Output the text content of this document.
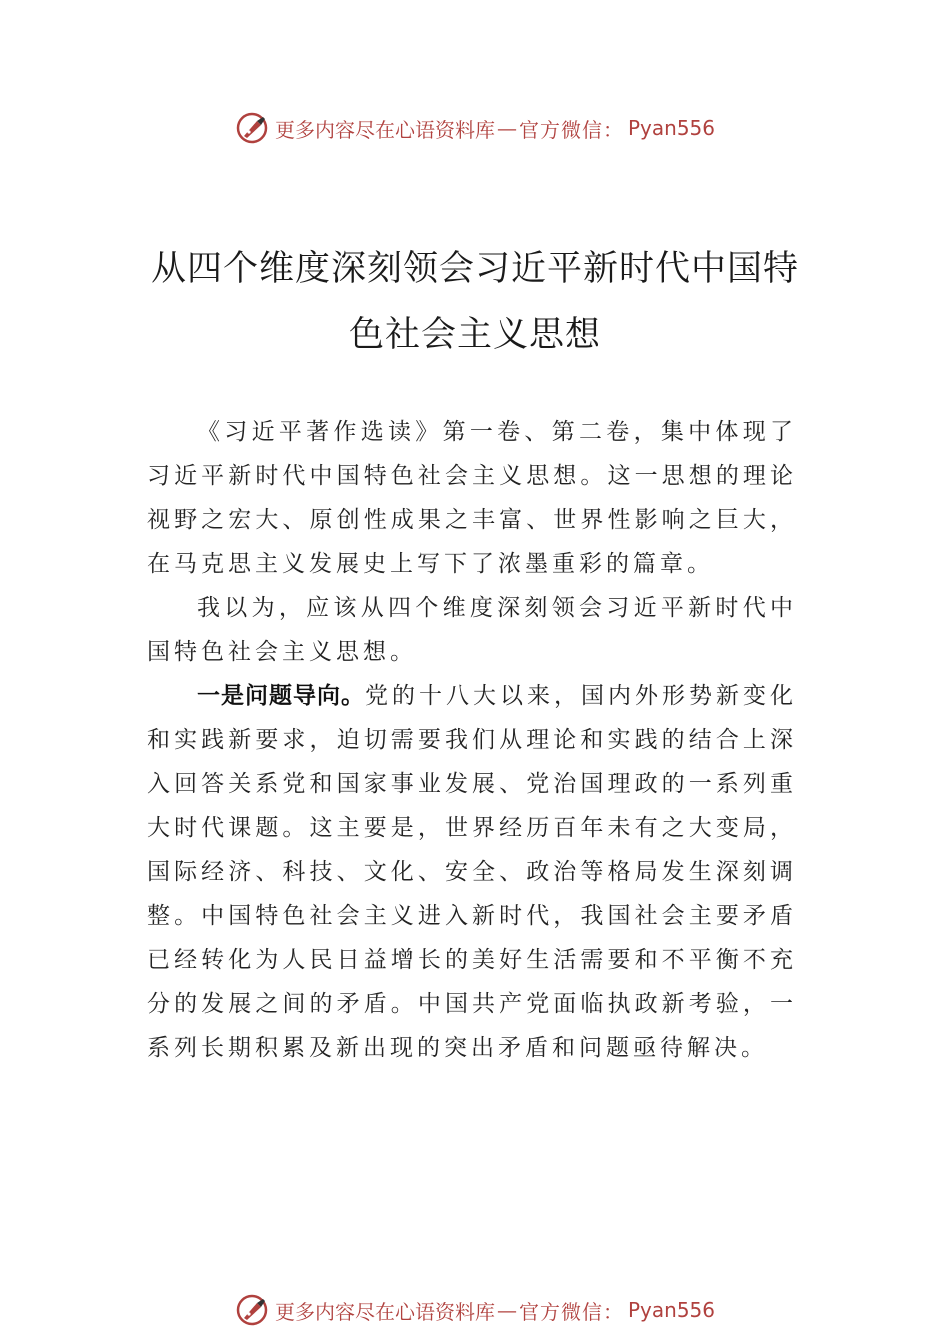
更多内容尽在心语资料库 — 官方微信： Pyan556
从四个维度深刻领会习近平新时代中国特
色社会主义思想

《习近平著作选读》第一卷、第二卷，集中体现了习近平新时代中国特色社会主义思想。这一思想的理论视野之宏大、原创性成果之丰富、世界性影响之巨大，在马克思主义发展史上写下了浓墨重彩的篇章。

我以为，应该从四个维度深刻领会习近平新时代中国特色社会主义思想。

一是问题导向。党的十八大以来，国内外形势新变化和实践新要求，迫切需要我们从理论和实践的结合上深入回答关系党和国家事业发展、党治国理政的一系列重大时代课题。这主要是，世界经历百年未有之大变局，国际经济、科技、文化、安全、政治等格局发生深刻调整。中国特色社会主义进入新时代，我国社会主要矛盾已经转化为人民日益增长的美好生活需要和不平衡不充分的发展之间的矛盾。中国共产党面临执政新考验，一系列长期积累及新出现的突出矛盾和问题亟待解决。

更多内容尽在心语资料库 — 官方微信： Pyan556
